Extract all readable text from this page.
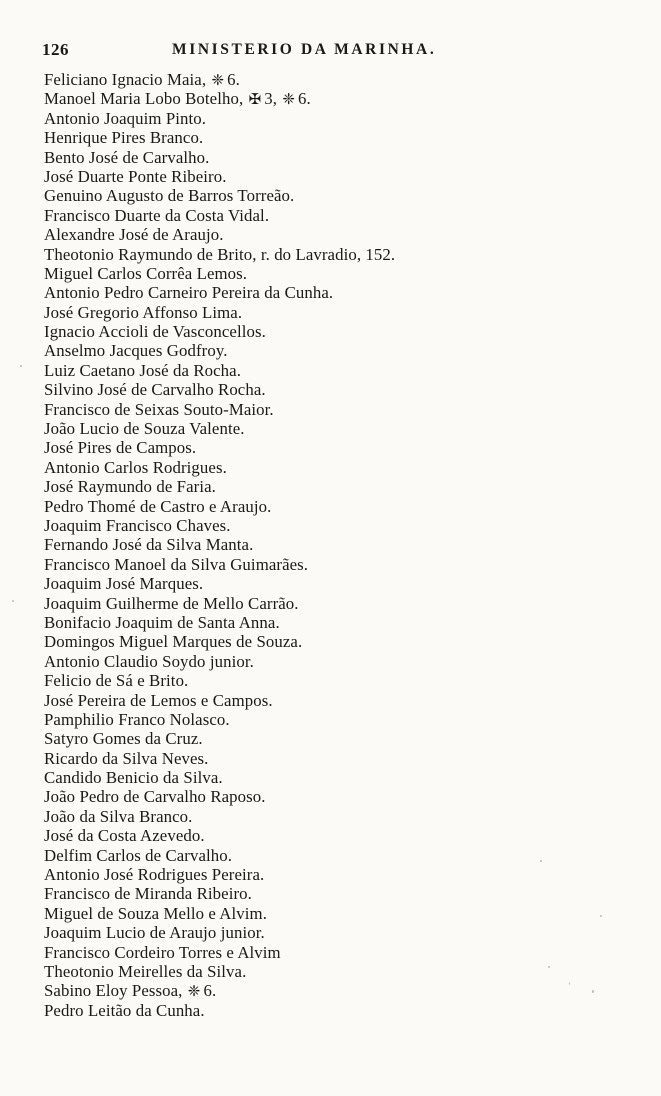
126	MINISTERIO DA MARINHA.
Feliciano Ignacio Maia, ❈ 6.
Manoel Maria Lobo Botelho, ✠ 3, ❈ 6.
Antonio Joaquim Pinto.
Henrique Pires Branco.
Bento José de Carvalho.
José Duarte Ponte Ribeiro.
Genuino Augusto de Barros Torreão.
Francisco Duarte da Costa Vidal.
Alexandre José de Araujo.
Theotonio Raymundo de Brito, r. do Lavradio, 152.
Miguel Carlos Corrêa Lemos.
Antonio Pedro Carneiro Pereira da Cunha.
José Gregorio Affonso Lima.
Ignacio Accioli de Vasconcellos.
Anselmo Jacques Godfroy.
Luiz Caetano José da Rocha.
Silvino José de Carvalho Rocha.
Francisco de Seixas Souto-Maior.
João Lucio de Souza Valente.
José Pires de Campos.
Antonio Carlos Rodrigues.
José Raymundo de Faria.
Pedro Thomé de Castro e Araujo.
Joaquim Francisco Chaves.
Fernando José da Silva Manta.
Francisco Manoel da Silva Guimarães.
Joaquim José Marques.
Joaquim Guilherme de Mello Carrão.
Bonifacio Joaquim de Santa Anna.
Domingos Miguel Marques de Souza.
Antonio Claudio Soydo junior.
Felicio de Sá e Brito.
José Pereira de Lemos e Campos.
Pamphilio Franco Nolasco.
Satyro Gomes da Cruz.
Ricardo da Silva Neves.
Candido Benicio da Silva.
João Pedro de Carvalho Raposo.
João da Silva Branco.
José da Costa Azevedo.
Delfim Carlos de Carvalho.
Antonio José Rodrigues Pereira.
Francisco de Miranda Ribeiro.
Miguel de Souza Mello e Alvim.
Joaquim Lucio de Araujo junior.
Francisco Cordeiro Torres e Alvim
Theotonio Meirelles da Silva.
Sabino Eloy Pessoa, ❈ 6.
Pedro Leitão da Cunha.
